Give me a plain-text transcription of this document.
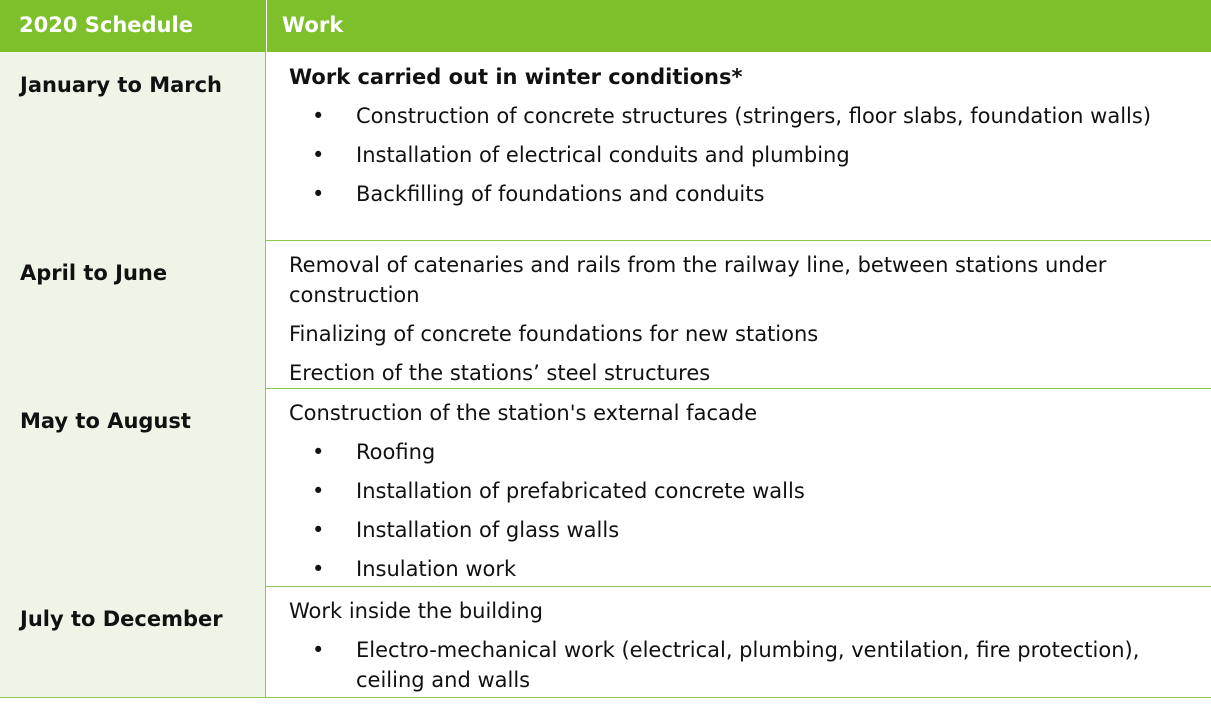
2020 Schedule	Work
January to March	Work carried out in winter conditions*
• Construction of concrete structures (stringers, floor slabs, foundation walls)
• Installation of electrical conduits and plumbing
• Backfilling of foundations and conduits
April to June	Removal of catenaries and rails from the railway line, between stations under construction
Finalizing of concrete foundations for new stations
Erection of the stations’ steel structures
May to August	Construction of the station's external facade
• Roofing
• Installation of prefabricated concrete walls
• Installation of glass walls
• Insulation work
July to December	Work inside the building
• Electro-mechanical work (electrical, plumbing, ventilation, fire protection), ceiling and walls
